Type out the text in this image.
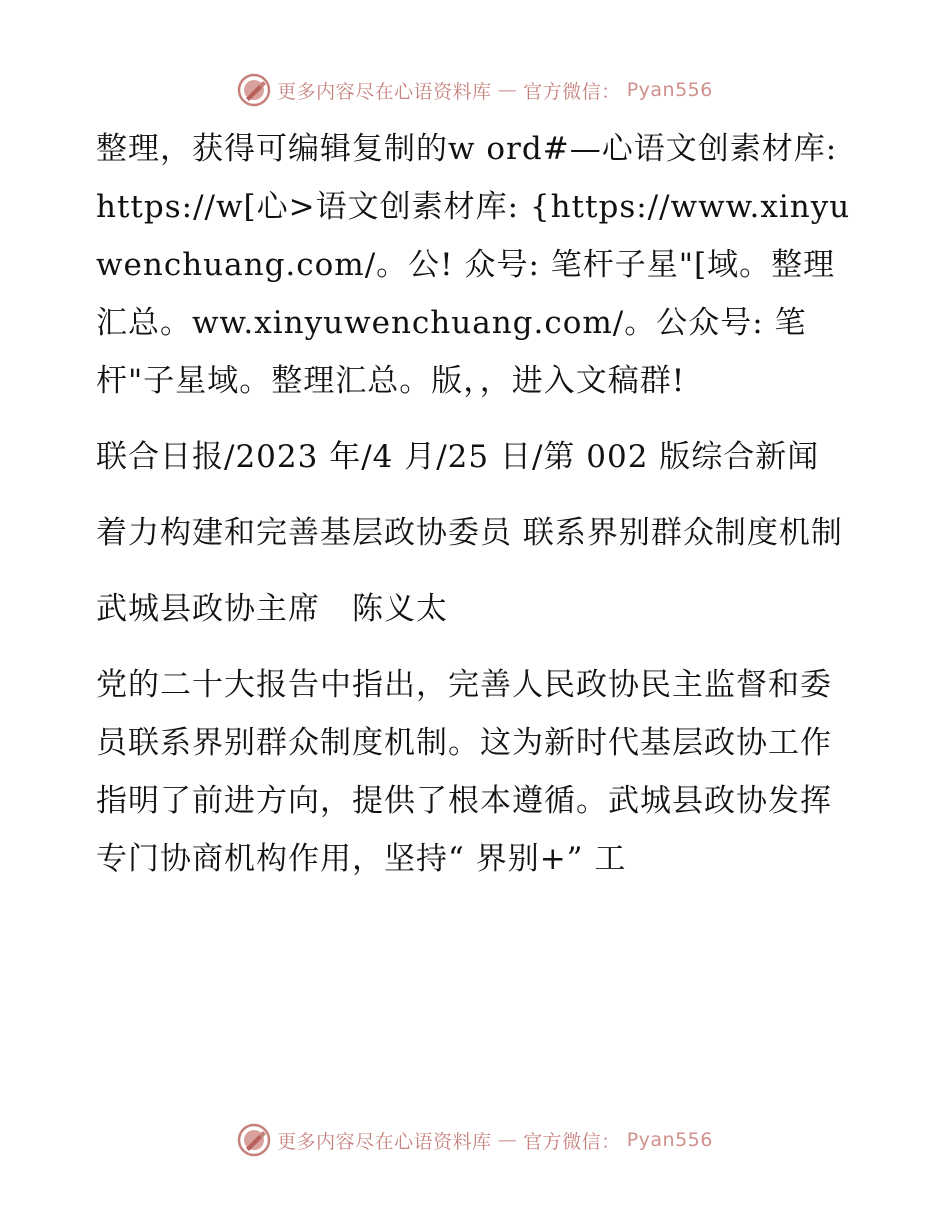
更多内容尽在心语资料库 — 官方微信： Pyan556

整理，获得可编辑复制的w ord#—心语文创素材库: https://w[心>语文创素材库: {https://www.xinyuwenchuang.com/。公! 众号: 笔杆子星"[域。整理汇总。ww.xinyuwenchuang.com/。公众号: 笔杆"子星域。整理汇总。版，，进入文稿群!

联合日报/2023 年/4 月/25 日/第 002 版综合新闻

着力构建和完善基层政协委员 联系界别群众制度机制

武城县政协主席　陈义太

党的二十大报告中指出，完善人民政协民主监督和委员联系界别群众制度机制。这为新时代基层政协工作指明了前进方向，提供了根本遵循。武城县政协发挥专门协商机构作用，坚持“ 界别+” 工

更多内容尽在心语资料库 — 官方微信： Pyan556
